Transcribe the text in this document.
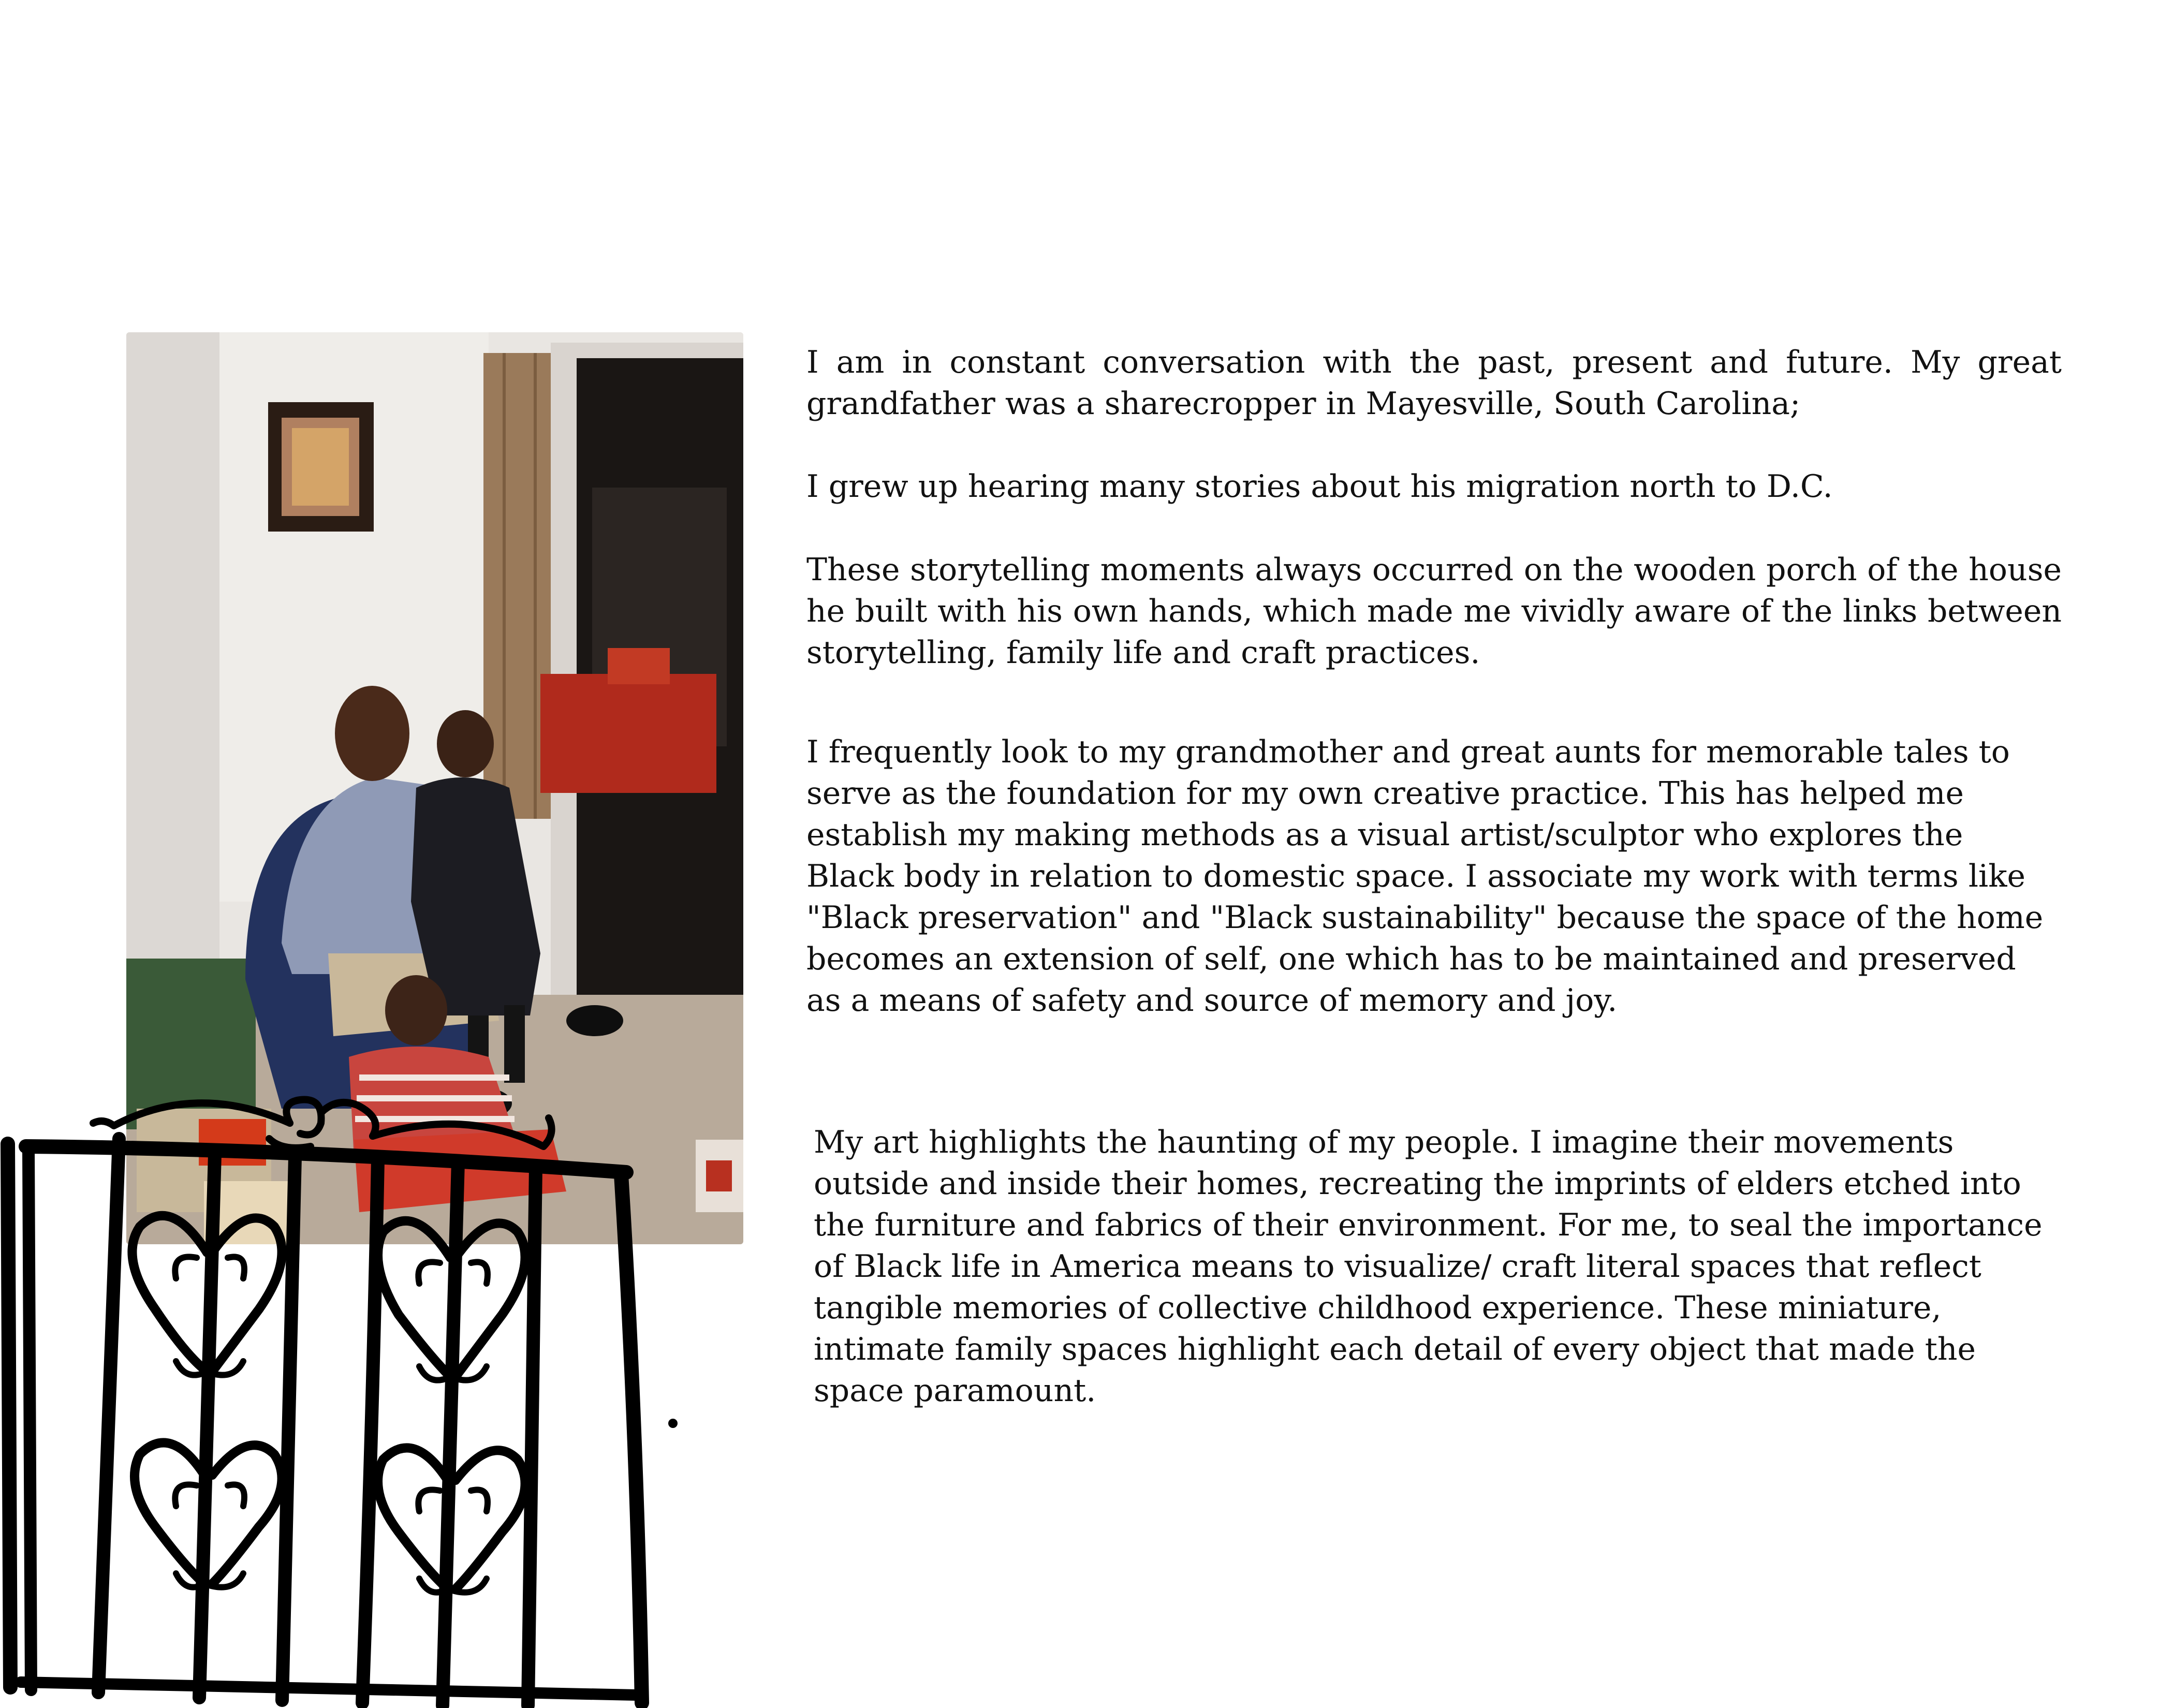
I am in constant conversation with the past, present and future. My great grandfather was a sharecropper in Mayesville, South Carolina;

I grew up hearing many stories about his migration north to D.C.

These storytelling moments always occurred on the wooden porch of the house he built with his own hands, which made me vividly aware of the links between storytelling, family life and craft practices.

I frequently look to my grandmother and great aunts for memorable tales to serve as the foundation for my own creative practice. This has helped me establish my making methods as a visual artist/sculptor who explores the Black body in relation to domestic space. I associate my work with terms like "Black preservation" and "Black sustainability" because the space of the home becomes an extension of self, one which has to be maintained and preserved as a means of safety and source of memory and joy.

My art highlights the haunting of my people. I imagine their movements outside and inside their homes, recreating the imprints of elders etched into the furniture and fabrics of their environment. For me, to seal the importance of Black life in America means to visualize/ craft literal spaces that reflect tangible memories of collective childhood experience. These miniature, intimate family spaces highlight each detail of every object that made the space paramount.
